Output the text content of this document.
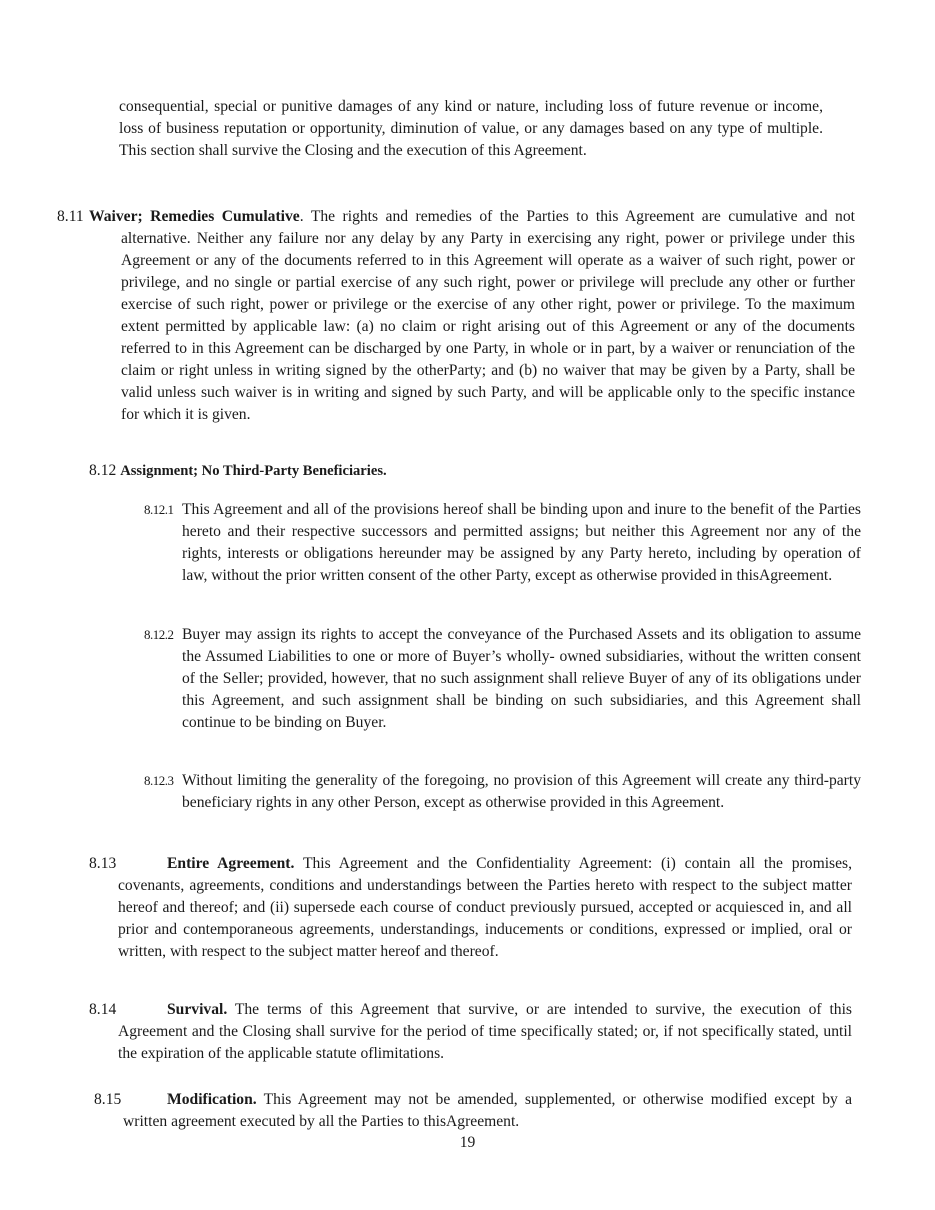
consequential, special or punitive damages of any kind or nature, including loss of future revenue or income, loss of business reputation or opportunity, diminution of value, or any damages based on any type of multiple. This section shall survive the Closing and the execution of this Agreement.

8.11 Waiver; Remedies Cumulative. The rights and remedies of the Parties to this Agreement are cumulative and not alternative. Neither any failure nor any delay by any Party in exercising any right, power or privilege under this Agreement or any of the documents referred to in this Agreement will operate as a waiver of such right, power or privilege, and no single or partial exercise of any such right, power or privilege will preclude any other or further exercise of such right, power or privilege or the exercise of any other right, power or privilege. To the maximum extent permitted by applicable law: (a) no claim or right arising out of this Agreement or any of the documents referred to in this Agreement can be discharged by one Party, in whole or in part, by a waiver or renunciation of the claim or right unless in writing signed by the otherParty; and (b) no waiver that may be given by a Party, shall be valid unless such waiver is in writing and signed by such Party, and will be applicable only to the specific instance for which it is given.

8.12 Assignment; No Third-Party Beneficiaries.

8.12.1 This Agreement and all of the provisions hereof shall be binding upon and inure to the benefit of the Parties hereto and their respective successors and permitted assigns; but neither this Agreement nor any of the rights, interests or obligations hereunder may be assigned by any Party hereto, including by operation of law, without the prior written consent of the other Party, except as otherwise provided in thisAgreement.

8.12.2 Buyer may assign its rights to accept the conveyance of the Purchased Assets and its obligation to assume the Assumed Liabilities to one or more of Buyer’s wholly- owned subsidiaries, without the written consent of the Seller; provided, however, that no such assignment shall relieve Buyer of any of its obligations under this Agreement, and such assignment shall be binding on such subsidiaries, and this Agreement shall continue to be binding on Buyer.

8.12.3 Without limiting the generality of the foregoing, no provision of this Agreement will create any third-party beneficiary rights in any other Person, except as otherwise provided in this Agreement.

8.13	Entire Agreement. This Agreement and the Confidentiality Agreement: (i) contain all the promises, covenants, agreements, conditions and understandings between the Parties hereto with respect to the subject matter hereof and thereof; and (ii) supersede each course of conduct previously pursued, accepted or acquiesced in, and all prior and contemporaneous agreements, understandings, inducements or conditions, expressed or implied, oral or written, with respect to the subject matter hereof and thereof.

8.14	Survival. The terms of this Agreement that survive, or are intended to survive, the execution of this Agreement and the Closing shall survive for the period of time specifically stated; or, if not specifically stated, until the expiration of the applicable statute oflimitations.

8.15	Modification. This Agreement may not be amended, supplemented, or otherwise modified except by a written agreement executed by all the Parties to thisAgreement.

19
